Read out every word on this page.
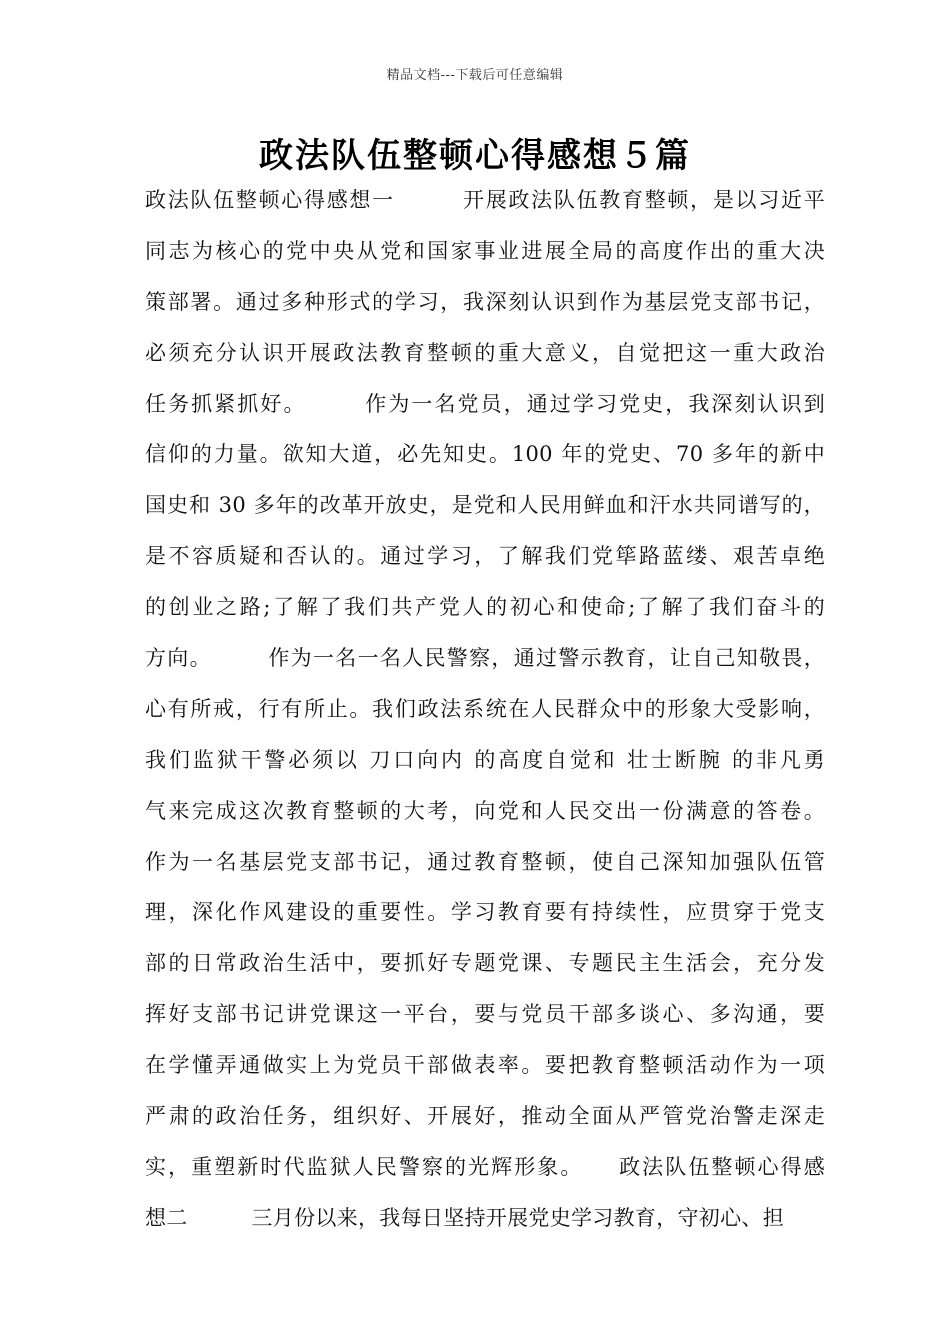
精品文档---下载后可任意编辑
政法队伍整顿心得感想５篇
政法队伍整顿心得感想一　　　开展政法队伍教育整顿，是以习近平
同志为核心的党中央从党和国家事业进展全局的高度作出的重大决
策部署。通过多种形式的学习，我深刻认识到作为基层党支部书记，
必须充分认识开展政法教育整顿的重大意义，自觉把这一重大政治
任务抓紧抓好。　　　作为一名党员，通过学习党史，我深刻认识到
信仰的力量。欲知大道，必先知史。100 年的党史、70 多年的新中
国史和 30 多年的改革开放史，是党和人民用鲜血和汗水共同谱写的，
是不容质疑和否认的。通过学习，了解我们党筚路蓝缕、艰苦卓绝
的创业之路;了解了我们共产党人的初心和使命;了解了我们奋斗的
方向。　　　作为一名一名人民警察，通过警示教育，让自己知敬畏，
心有所戒，行有所止。我们政法系统在人民群众中的形象大受影响，
我们监狱干警必须以 刀口向内 的高度自觉和 壮士断腕 的非凡勇
气来完成这次教育整顿的大考，向党和人民交出一份满意的答卷。
作为一名基层党支部书记，通过教育整顿，使自己深知加强队伍管
理，深化作风建设的重要性。学习教育要有持续性，应贯穿于党支
部的日常政治生活中，要抓好专题党课、专题民主生活会，充分发
挥好支部书记讲党课这一平台，要与党员干部多谈心、多沟通，要
在学懂弄通做实上为党员干部做表率。要把教育整顿活动作为一项
严肃的政治任务，组织好、开展好，推动全面从严管党治警走深走
实，重塑新时代监狱人民警察的光辉形象。　　政法队伍整顿心得感
想二　　　三月份以来，我每日坚持开展党史学习教育，守初心、担
